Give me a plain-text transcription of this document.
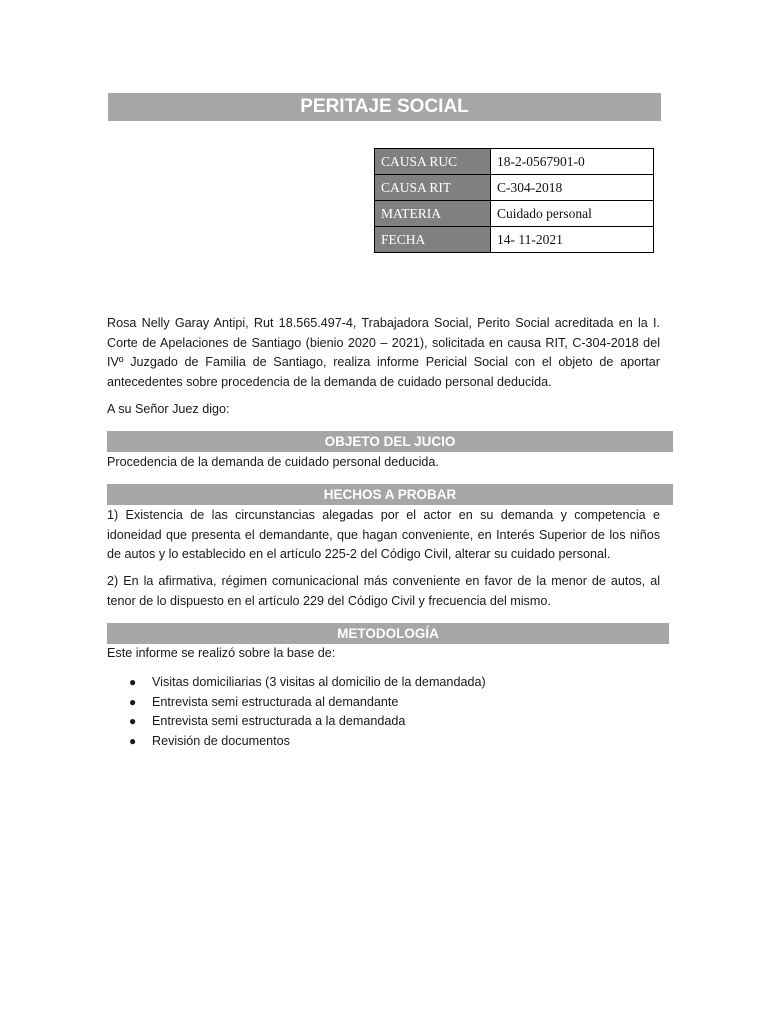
PERITAJE SOCIAL
CAUSA RUC	18-2-0567901-0
CAUSA RIT	C-304-2018
MATERIA	Cuidado personal
FECHA	14- 11-2021
Rosa Nelly Garay Antipi, Rut 18.565.497-4, Trabajadora Social, Perito Social acreditada en la I. Corte de Apelaciones de Santiago (bienio 2020 – 2021), solicitada en causa RIT, C-304-2018 del IVº Juzgado de Familia de Santiago, realiza informe Pericial Social con el objeto de aportar antecedentes sobre procedencia de la demanda de cuidado personal deducida.
A su Señor Juez digo:
OBJETO DEL JUCIO
Procedencia de la demanda de cuidado personal deducida.
HECHOS A PROBAR
1) Existencia de las circunstancias alegadas por el actor en su demanda y competencia e idoneidad que presenta el demandante, que hagan conveniente, en Interés Superior de los niños de autos y lo establecido en el artículo 225-2 del Código Civil, alterar su cuidado personal.
2) En la afirmativa, régimen comunicacional más conveniente en favor de la menor de autos, al tenor de lo dispuesto en el artículo 229 del Código Civil y frecuencia del mismo.
METODOLOGÍA
Este informe se realizó sobre la base de:
● Visitas domiciliarias (3 visitas al domicilio de la demandada)
● Entrevista semi estructurada al demandante
● Entrevista semi estructurada a la demandada
● Revisión de documentos
